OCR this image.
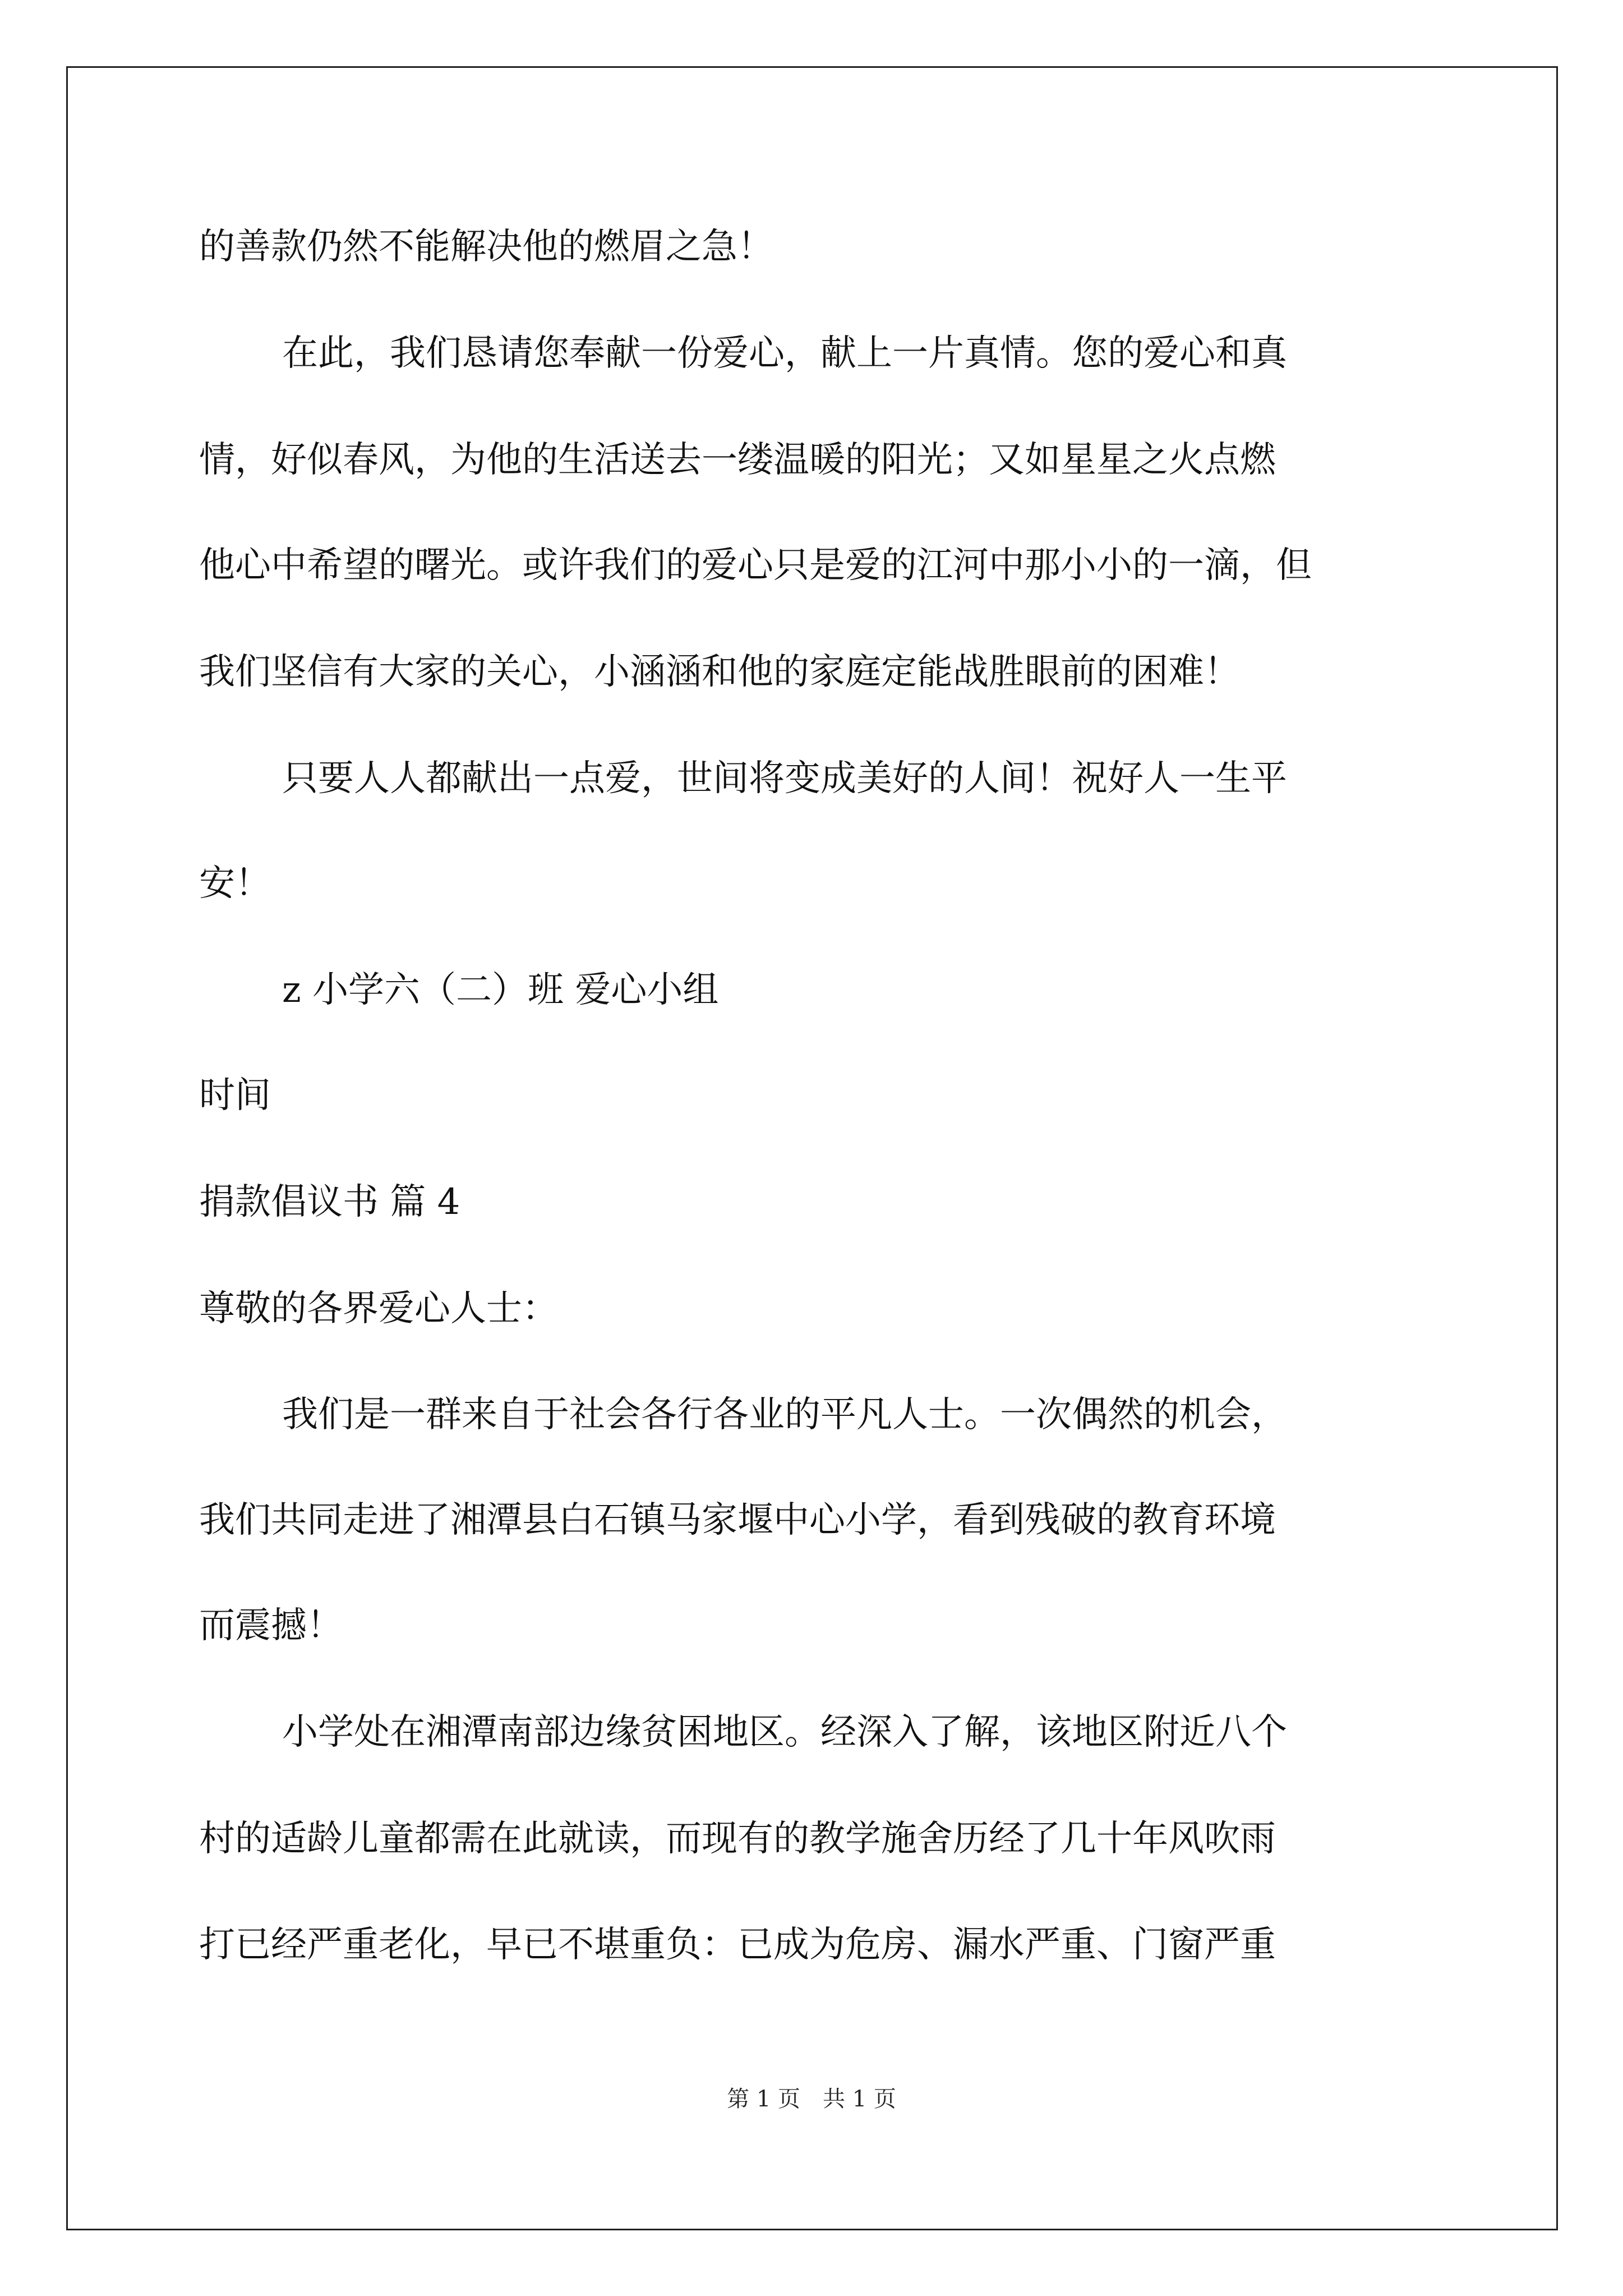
的善款仍然不能解决他的燃眉之急！
在此，我们恳请您奉献一份爱心，献上一片真情。您的爱心和真
情，好似春风，为他的生活送去一缕温暖的阳光；又如星星之火点燃
他心中希望的曙光。或许我们的爱心只是爱的江河中那小小的一滴，但
我们坚信有大家的关心，小涵涵和他的家庭定能战胜眼前的困难！
只要人人都献出一点爱，世间将变成美好的人间！祝好人一生平
安！
z 小学六（二）班 爱心小组
时间
捐款倡议书 篇 4
尊敬的各界爱心人士：
我们是一群来自于社会各行各业的平凡人士。一次偶然的机会，
我们共同走进了湘潭县白石镇马家堰中心小学，看到残破的教育环境
而震撼！
小学处在湘潭南部边缘贫困地区。经深入了解，该地区附近八个
村的适龄儿童都需在此就读，而现有的教学施舍历经了几十年风吹雨
打已经严重老化，早已不堪重负：已成为危房、漏水严重、门窗严重
第 1 页　共 1 页
